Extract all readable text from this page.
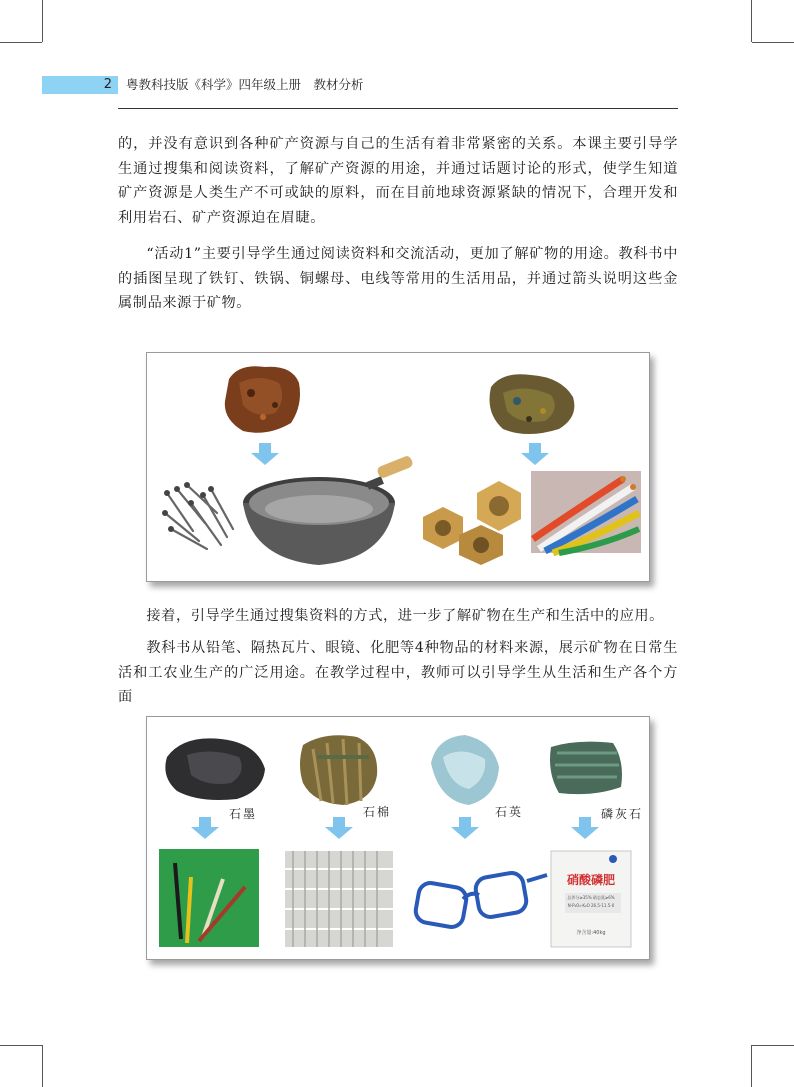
2	粤教科技版《科学》四年级上册　教材分析

的，并没有意识到各种矿产资源与自己的生活有着非常紧密的关系。本课主要引导学生通过搜集和阅读资料，了解矿产资源的用途，并通过话题讨论的形式，使学生知道矿产资源是人类生产不可或缺的原料，而在目前地球资源紧缺的情况下，合理开发和利用岩石、矿产资源迫在眉睫。

“活动1”主要引导学生通过阅读资料和交流活动，更加了解矿物的用途。教科书中的插图呈现了铁钉、铁锅、铜螺母、电线等常用的生活用品，并通过箭头说明这些金属制品来源于矿物。

接着，引导学生通过搜集资料的方式，进一步了解矿物在生产和生活中的应用。

教科书从铅笔、隔热瓦片、眼镜、化肥等4种物品的材料来源，展示矿物在日常生活和工农业生产的广泛用途。在教学过程中，教师可以引导学生从生活和生产各个方面

石墨	石棉	石英	磷灰石
硝酸磷肥
总养分≥35% 硝态氮≥6%
N-P₂O₅-K₂O 26.5-11.5-0
净含量:40kg
